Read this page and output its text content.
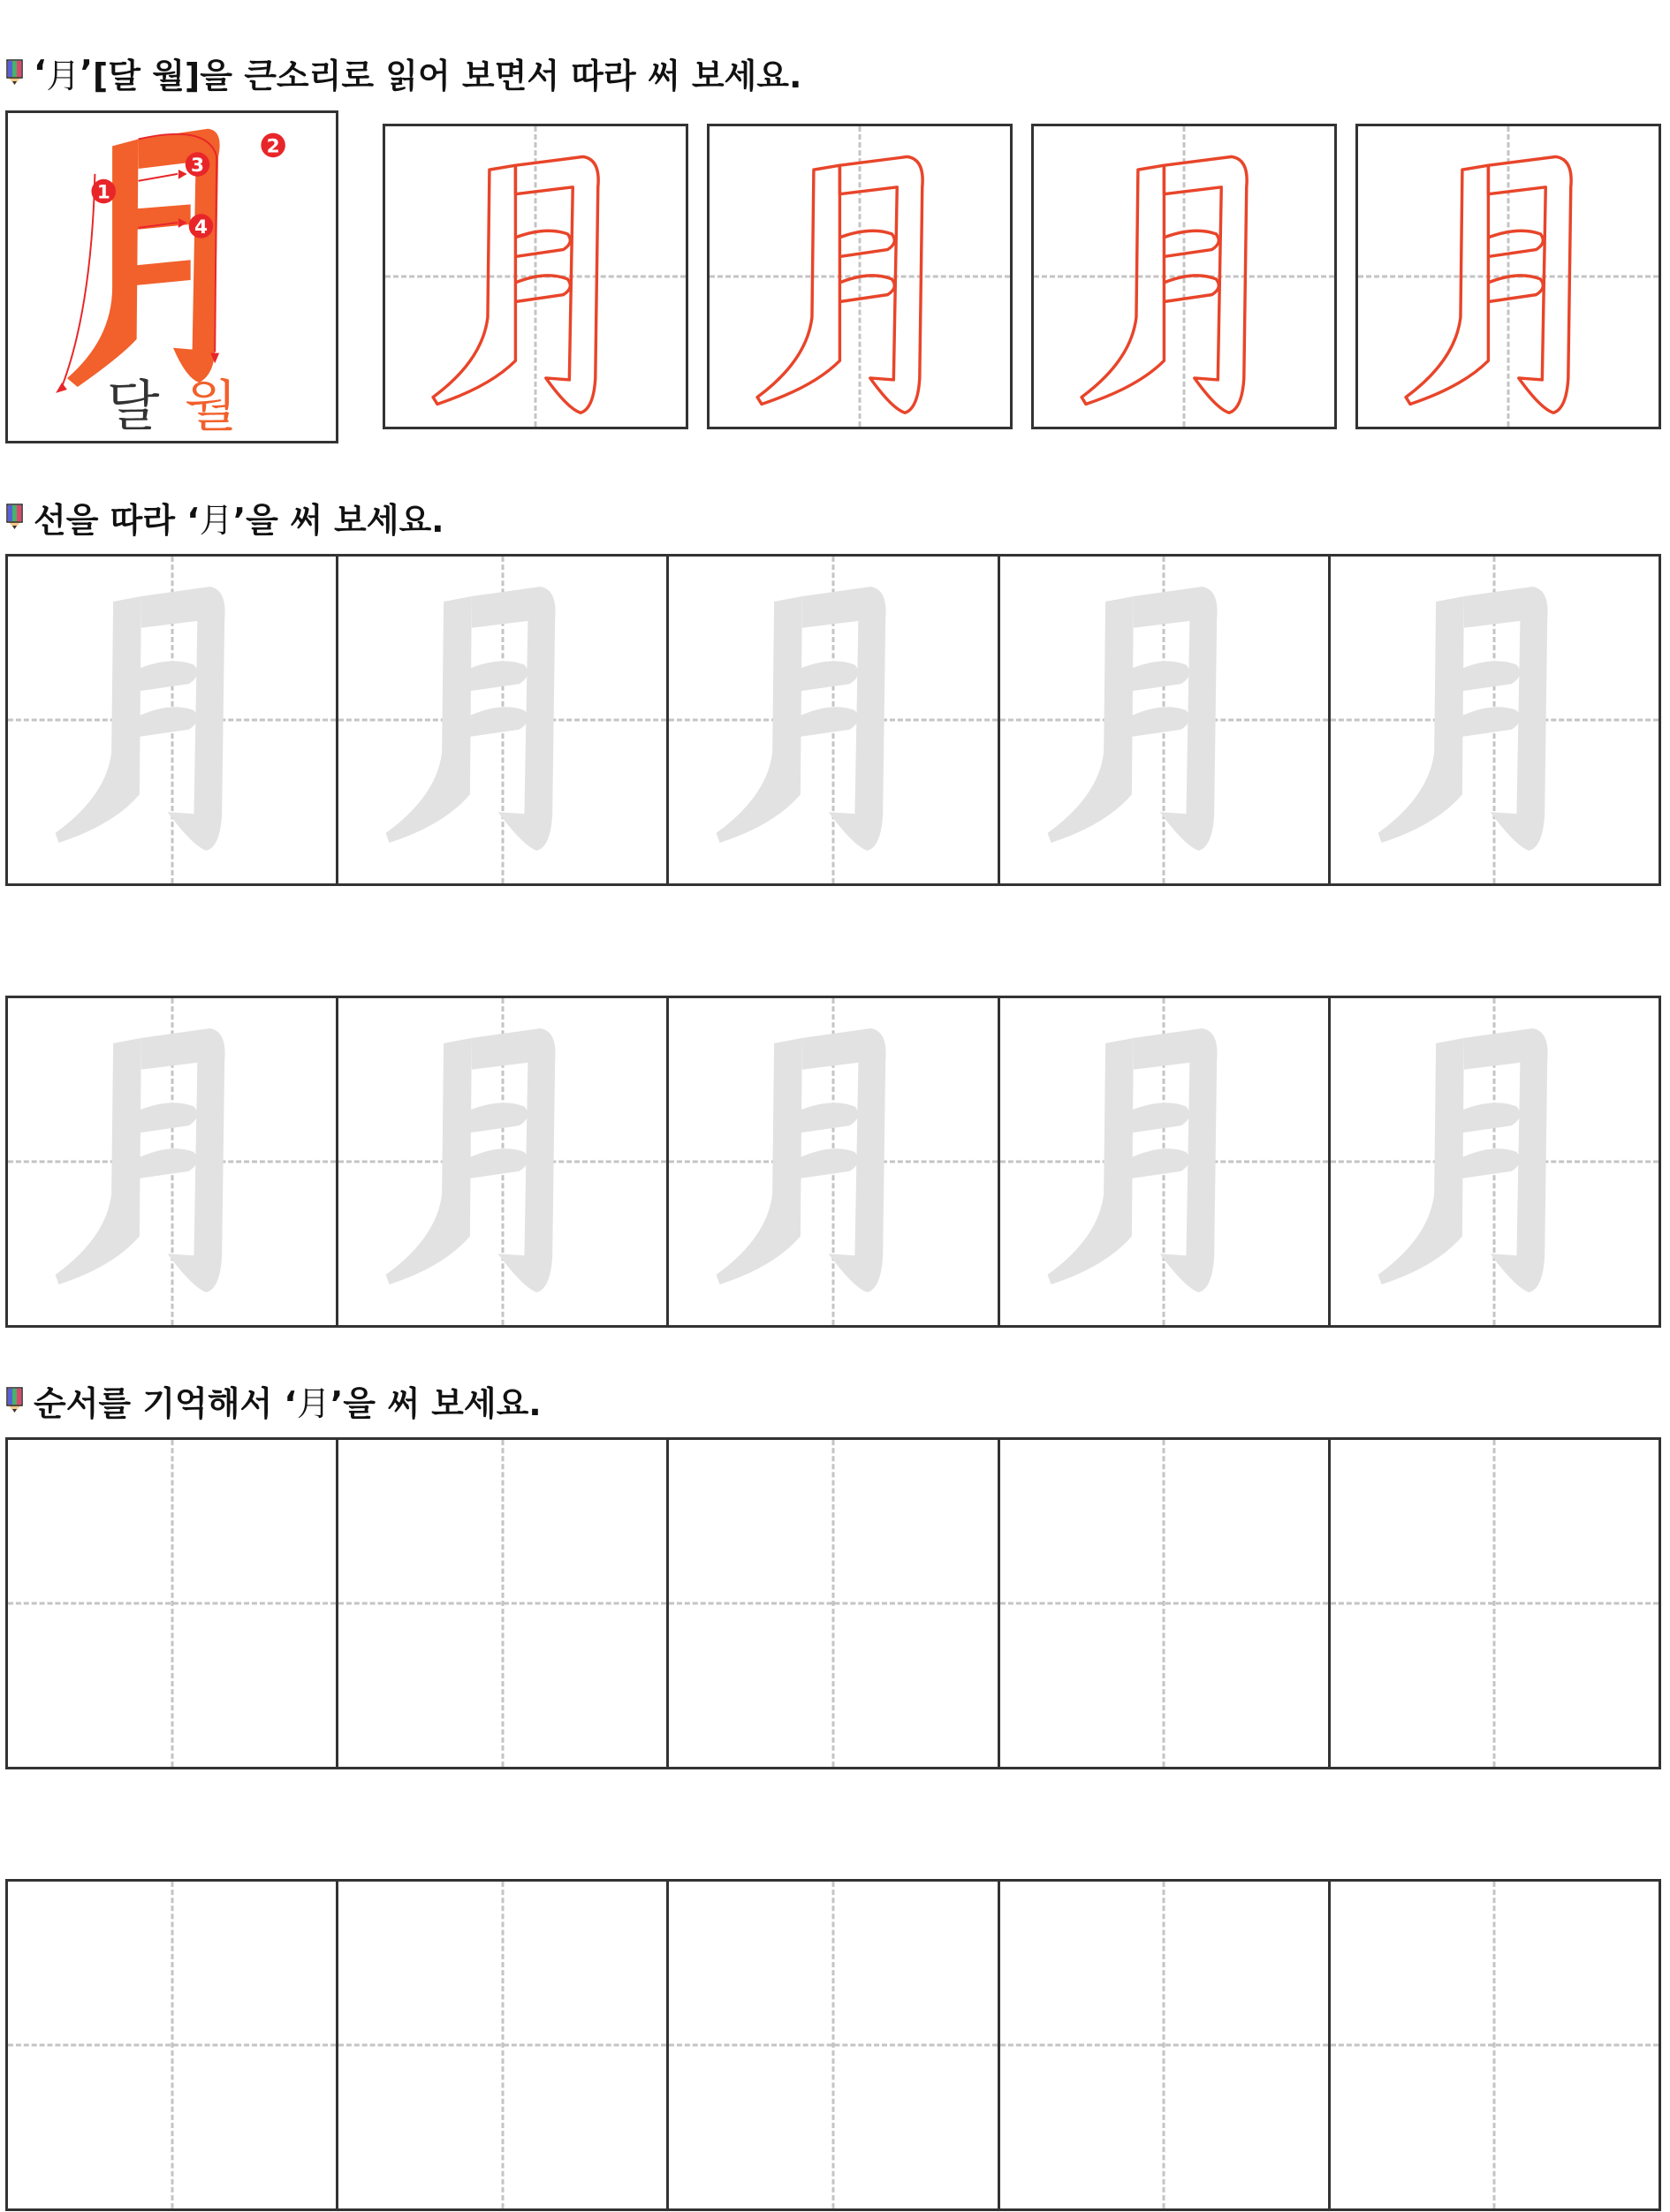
‘ 月 ’ [달 월]을 큰소리로 읽어 보면서 따라 써 보세요.
1
2
3
4
달 월
선을 따라 ‘ 月 ’을 써 보세요.
순서를 기억해서 ‘ 月 ’을 써 보세요.
